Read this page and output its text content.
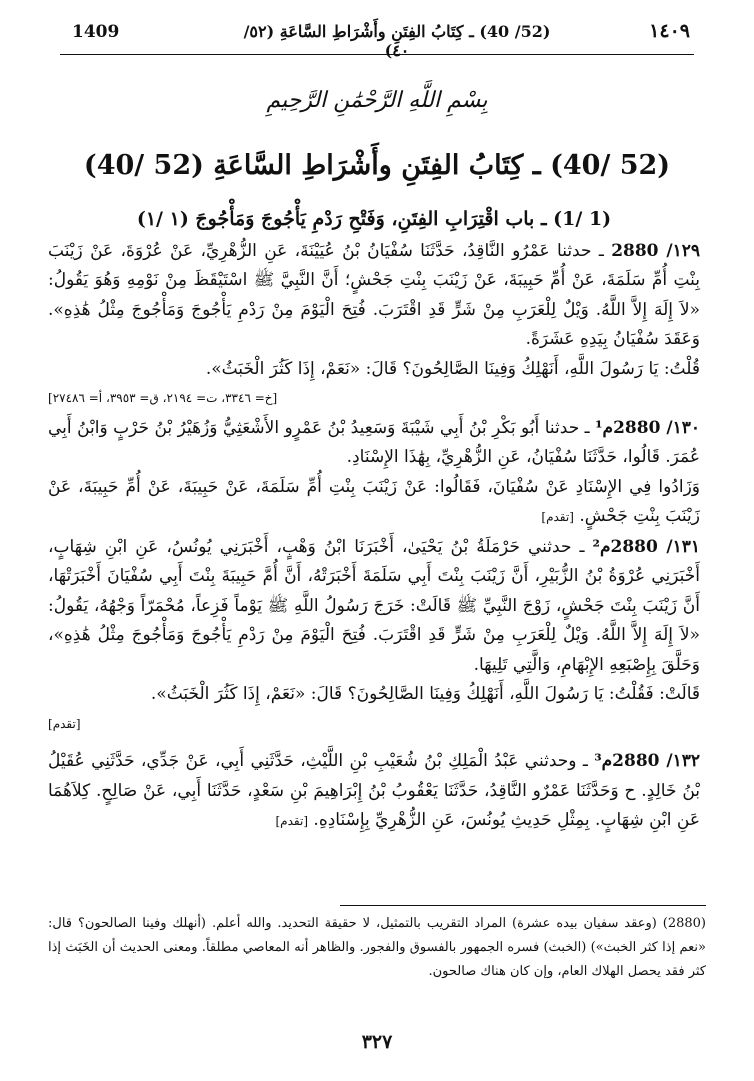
1409	(52/ 40) ـ كِتَابُ الفِتَنِ وأَشْرَاطِ السَّاعَةِ (٥٢/ ٤٠)
١٤٠٩
بِسْمِ اللَّهِ الرَّحْمَٰنِ الرَّحِيمِ
(52 /40) ـ كِتَابُ الفِتَنِ وأَشْرَاطِ السَّاعَةِ (52 /40)

(1 /1) ـ باب اقْتِرَابِ الفِتَنِ، وَفَتْحِ رَدْمِ يَأْجُوجَ وَمَأْجُوجَ (١ /١)

١٢٩/ 2880 ـ حدثنا عَمْرُو النَّاقِدُ، حَدَّثَنَا سُفْيَانُ بْنُ عُيَيْنَةَ، عَنِ الزُّهْرِيِّ، عَنْ عُرْوَةَ، عَنْ زَيْنَبَ بِنْتِ أُمِّ سَلَمَةَ، عَنْ أُمِّ حَبِيبَةَ، عَنْ زَيْنَبَ بِنْتِ جَحْشٍ؛ أَنَّ النَّبِيَّ ﷺ اسْتَيْقَظَ مِنْ نَوْمِهِ وَهُوَ يَقُولُ: «لاَ إِلَهَ إِلاَّ اللَّهُ. وَيْلٌ لِلْعَرَبِ مِنْ شَرٍّ قَدِ اقْتَرَبَ. فُتِحَ الْيَوْمَ مِنْ رَدْمِ يَأْجُوجَ وَمَأْجُوجَ مِثْلُ هَٰذِهِ». وَعَقَدَ سُفْيَانُ بِيَدِهِ عَشَرَةً.

قُلْتُ: يَا رَسُولَ اللَّهِ، أَنَهْلِكُ وَفِينَا الصَّالِحُونَ؟ قَالَ: «نَعَمْ، إِذَا كَثُرَ الْخَبَثُ».

[خ= ٣٣٤٦، ت= ٢١٩٤، ق= ٣٩٥٣، أ= ٢٧٤٨٦]

١٣٠/ 2880م¹ ـ حدثنا أَبُو بَكْرِ بْنُ أَبِي شَيْبَةَ وَسَعِيدُ بْنُ عَمْرٍو الأَشْعَثِيُّ وَزُهَيْرُ بْنُ حَرْبٍ وَابْنُ أَبِي عُمَرَ. قَالُوا، حَدَّثَنَا سُفْيَانُ، عَنِ الزُّهْرِيِّ، بِهَٰذَا الإِسْنَادِ.

وَزَادُوا فِي الإِسْنَادِ عَنْ سُفْيَانَ، فَقَالُوا: عَنْ زَيْنَبَ بِنْتِ أُمِّ سَلَمَةَ، عَنْ حَبِيبَةَ، عَنْ أُمِّ حَبِيبَةَ، عَنْ زَيْنَبَ بِنْتِ جَحْشٍ. [تقدم]

١٣١/ 2880م² ـ حدثني حَرْمَلَةُ بْنُ يَحْيَىٰ، أَخْبَرَنَا ابْنُ وَهْبٍ، أَخْبَرَنِي يُونُسُ، عَنِ ابْنِ شِهَابٍ، أَخْبَرَنِي عُرْوَةُ بْنُ الزُّبَيْرِ، أَنَّ زَيْنَبَ بِنْتَ أَبِي سَلَمَةَ أَخْبَرَتْهُ، أَنَّ أُمَّ حَبِيبَةَ بِنْتَ أَبِي سُفْيَانَ أَخْبَرَتْهَا، أَنَّ زَيْنَبَ بِنْتَ جَحْشٍ، زَوْجَ النَّبِيِّ ﷺ قَالَتْ: خَرَجَ رَسُولُ اللَّهِ ﷺ يَوْماً فَزِعاً، مُحْمَرّاً وَجْهُهُ، يَقُولُ: «لاَ إِلَهَ إِلاَّ اللَّهُ. وَيْلٌ لِلْعَرَبِ مِنْ شَرٍّ قَدِ اقْتَرَبَ. فُتِحَ الْيَوْمَ مِنْ رَدْمِ يَأْجُوجَ وَمَأْجُوجَ مِثْلُ هَٰذِهِ»، وَحَلَّقَ بِإِصْبَعِهِ الإِبْهَامِ، وَالَّتِي تَلِيهَا.

قَالَتْ: فَقُلْتُ: يَا رَسُولَ اللَّهِ، أَنَهْلِكُ وَفِينَا الصَّالِحُونَ؟ قَالَ: «نَعَمْ، إِذَا كَثُرَ الْخَبَثُ».

[تقدم]

١٣٢/ 2880م³ ـ وحدثني عَبْدُ الْمَلِكِ بْنُ شُعَيْبِ بْنِ اللَّيْثِ، حَدَّثَنِي أَبِي، عَنْ جَدِّي، حَدَّثَنِي عُقَيْلُ بْنُ خَالِدٍ. ح وَحَدَّثَنَا عَمْرٌو النَّاقِدُ، حَدَّثَنَا يَعْقُوبُ بْنُ إِبْرَاهِيمَ بْنِ سَعْدٍ، حَدَّثَنَا أَبِي، عَنْ صَالِحٍ. كِلاَهُمَا عَنِ ابْنِ شِهَابٍ. بِمِثْلِ حَدِيثِ يُونُسَ، عَنِ الزُّهْرِيِّ بِإِسْنَادِهِ. [تقدم]

(2880) (وعقد سفيان بيده عشرة) المراد التقريب بالتمثيل، لا حقيقة التحديد. والله أعلم. (أنهلك وفينا الصالحون؟ قال: «نعم إذا كثر الخبث») (الخبث) فسره الجمهور بالفسوق والفجور. والظاهر أنه المعاصي مطلقاً. ومعنى الحديث أن الخَبَث إذا كثر فقد يحصل الهلاك العام، وإن كان هناك صالحون.

٣٢٧
